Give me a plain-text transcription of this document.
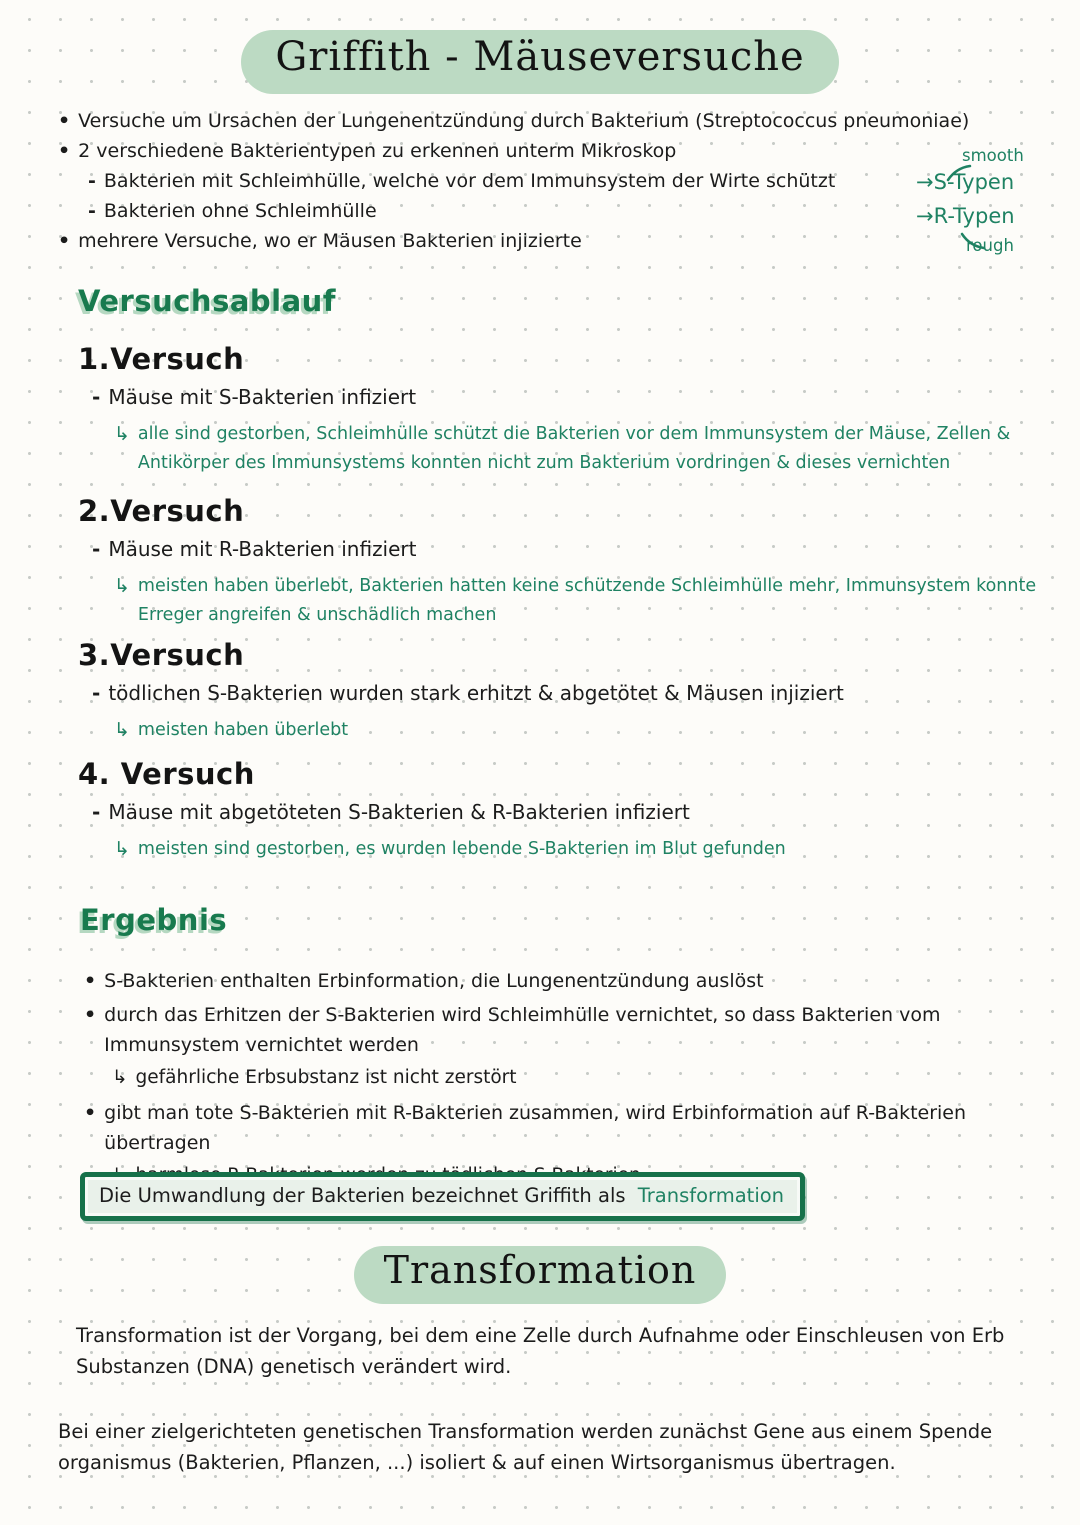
Griffith - Mäuseversuche
• Versuche um Ursachen der Lungenentzündung durch Bakterium (Streptococcus pneumoniae)
• 2 verschiedene Bakterientypen zu erkennen unterm Mikroskop
- Bakterien mit Schleimhülle, welche vor dem Immunsystem der Wirte schützt
- Bakterien ohne Schleimhülle
• mehrere Versuche, wo er Mäusen Bakterien injizierte
smooth
→S-Typen
→R-Typen
rough
Versuchsablauf
1.Versuch
- Mäuse mit S-Bakterien infiziert
↳ alle sind gestorben, Schleimhülle schützt die Bakterien vor dem Immunsystem der Mäuse, Zellen & Antikörper des Immunsystems konnten nicht zum Bakterium vordringen & dieses vernichten
2.Versuch
- Mäuse mit R-Bakterien infiziert
↳ meisten haben überlebt, Bakterien hatten keine schützende Schleimhülle mehr, Immunsystem konnte Erreger angreifen & unschädlich machen
3.Versuch
- tödlichen S-Bakterien wurden stark erhitzt & abgetötet & Mäusen injiziert
↳ meisten haben überlebt
4. Versuch
- Mäuse mit abgetöteten S-Bakterien & R-Bakterien infiziert
↳ meisten sind gestorben, es wurden lebende S-Bakterien im Blut gefunden
Ergebnis
• S-Bakterien enthalten Erbinformation, die Lungenentzündung auslöst
• durch das Erhitzen der S-Bakterien wird Schleimhülle vernichtet, so dass Bakterien vom Immunsystem vernichtet werden
↳ gefährliche Erbsubstanz ist nicht zerstört
• gibt man tote S-Bakterien mit R-Bakterien zusammen, wird Erbinformation auf R-Bakterien übertragen
Die Umwandlung der Bakterien bezeichnet Griffith als Transformation
Transformation
Transformation ist der Vorgang, bei dem eine Zelle durch Aufnahme oder Einschleusen von Erb Substanzen (DNA) genetisch verändert wird.
Bei einer zielgerichteten genetischen Transformation werden zunächst Gene aus einem Spende organismus (Bakterien, Pflanzen, ...) isoliert & auf einen Wirtsorganismus übertragen.
